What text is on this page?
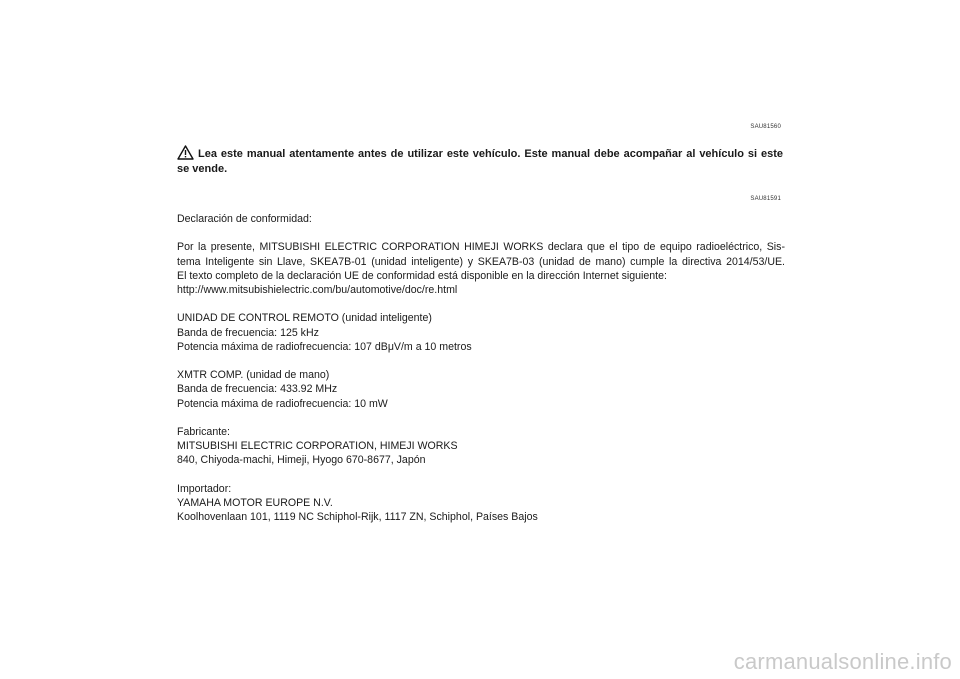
SAU81560
Lea este manual atentamente antes de utilizar este vehículo. Este manual debe acompañar al vehículo si este se vende.
SAU81591
Declaración de conformidad:
Por la presente, MITSUBISHI ELECTRIC CORPORATION HIMEJI WORKS declara que el tipo de equipo radioeléctrico, Sis-
tema Inteligente sin Llave, SKEA7B-01 (unidad inteligente) y SKEA7B-03 (unidad de mano) cumple la directiva 2014/53/UE.
El texto completo de la declaración UE de conformidad está disponible en la dirección Internet siguiente:
http://www.mitsubishielectric.com/bu/automotive/doc/re.html
UNIDAD DE CONTROL REMOTO (unidad inteligente)
Banda de frecuencia: 125 kHz
Potencia máxima de radiofrecuencia: 107 dBμV/m a 10 metros
XMTR COMP. (unidad de mano)
Banda de frecuencia: 433.92 MHz
Potencia máxima de radiofrecuencia: 10 mW
Fabricante:
MITSUBISHI ELECTRIC CORPORATION, HIMEJI WORKS
840, Chiyoda-machi, Himeji, Hyogo 670-8677, Japón
Importador:
YAMAHA MOTOR EUROPE N.V.
Koolhovenlaan 101, 1119 NC Schiphol-Rijk, 1117 ZN, Schiphol, Países Bajos
carmanualsonline.info
